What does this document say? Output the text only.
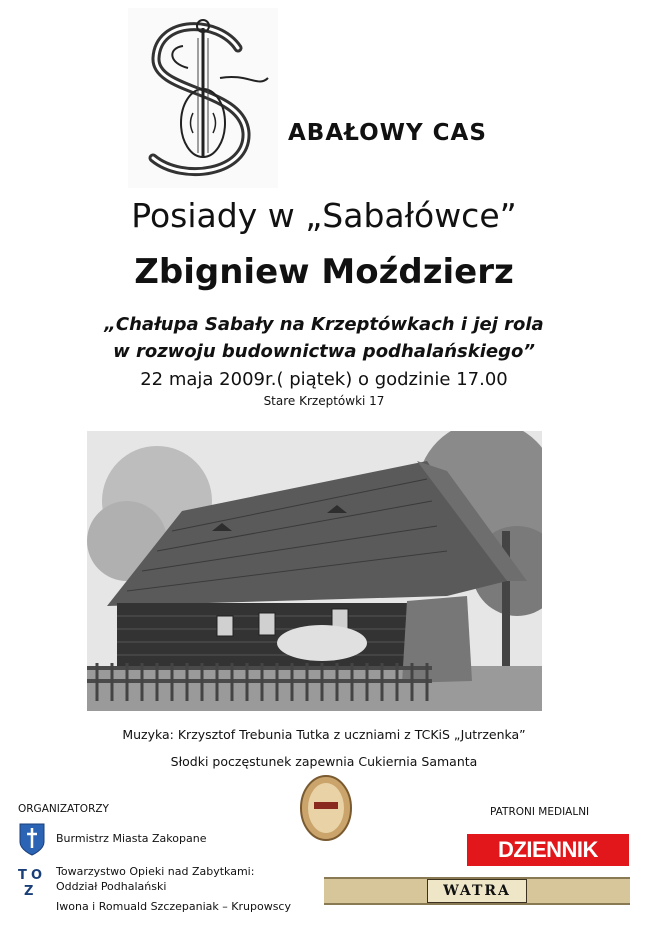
ABAŁOWY CAS
Posiady w „Sabałówce”
Zbigniew Moździerz
„Chałupa Sabały na Krzeptówkach i jej rola
w rozwoju budownictwa podhalańskiego”
22 maja 2009r.( piątek) o godzinie 17.00
Stare Krzeptówki 17
Muzyka: Krzysztof Trebunia Tutka z uczniami z TCKiS „Jutrzenka”
Słodki poczęstunek zapewnia Cukiernia Samanta
ORGANIZATORZY
Burmistrz Miasta Zakopane
T O
Z
Towarzystwo Opieki nad Zabytkami:
Oddział Podhalański
Iwona i Romuald Szczepaniak – Krupowscy
PATRONI MEDIALNI
DZIENNIK
WATRA
